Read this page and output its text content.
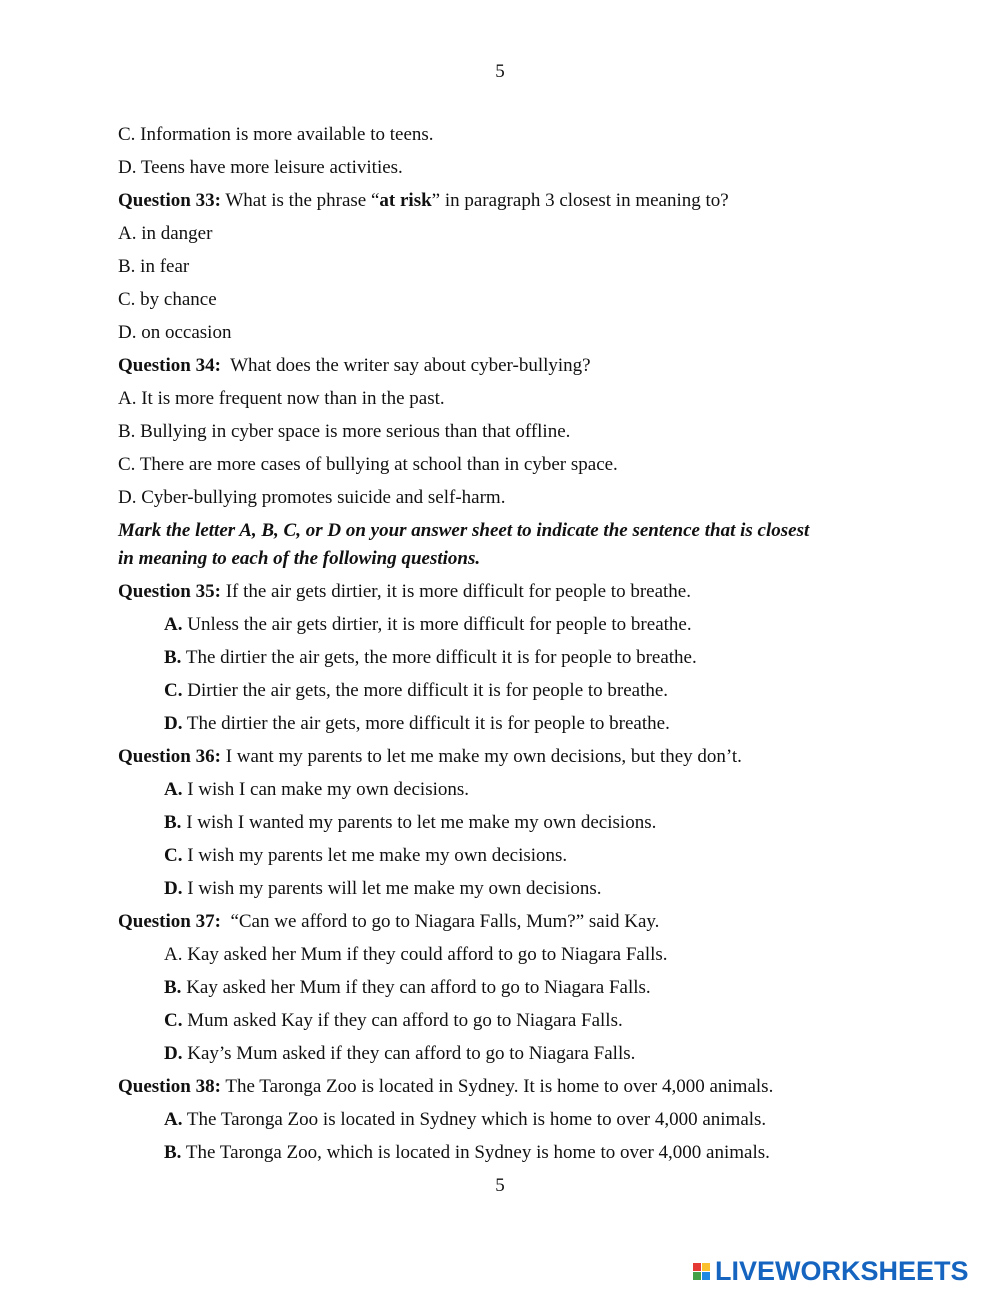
5
C. Information is more available to teens.
D. Teens have more leisure activities.
Question 33: What is the phrase “at risk” in paragraph 3 closest in meaning to?
A. in danger
B. in fear
C. by chance
D. on occasion
Question 34:  What does the writer say about cyber-bullying?
A. It is more frequent now than in the past.
B. Bullying in cyber space is more serious than that offline.
C. There are more cases of bullying at school than in cyber space.
D. Cyber-bullying promotes suicide and self-harm.
Mark the letter A, B, C, or D on your answer sheet to indicate the sentence that is closest
in meaning to each of the following questions.
Question 35: If the air gets dirtier, it is more difficult for people to breathe.
A. Unless the air gets dirtier, it is more difficult for people to breathe.
B. The dirtier the air gets, the more difficult it is for people to breathe.
C. Dirtier the air gets, the more difficult it is for people to breathe.
D. The dirtier the air gets, more difficult it is for people to breathe.
Question 36: I want my parents to let me make my own decisions, but they don’t.
A. I wish I can make my own decisions.
B. I wish I wanted my parents to let me make my own decisions.
C. I wish my parents let me make my own decisions.
D. I wish my parents will let me make my own decisions.
Question 37:  “Can we afford to go to Niagara Falls, Mum?” said Kay.
A. Kay asked her Mum if they could afford to go to Niagara Falls.
B. Kay asked her Mum if they can afford to go to Niagara Falls.
C. Mum asked Kay if they can afford to go to Niagara Falls.
D. Kay’s Mum asked if they can afford to go to Niagara Falls.
Question 38: The Taronga Zoo is located in Sydney. It is home to over 4,000 animals.
A. The Taronga Zoo is located in Sydney which is home to over 4,000 animals.
B. The Taronga Zoo, which is located in Sydney is home to over 4,000 animals.
5
LIVEWORKSHEETS
